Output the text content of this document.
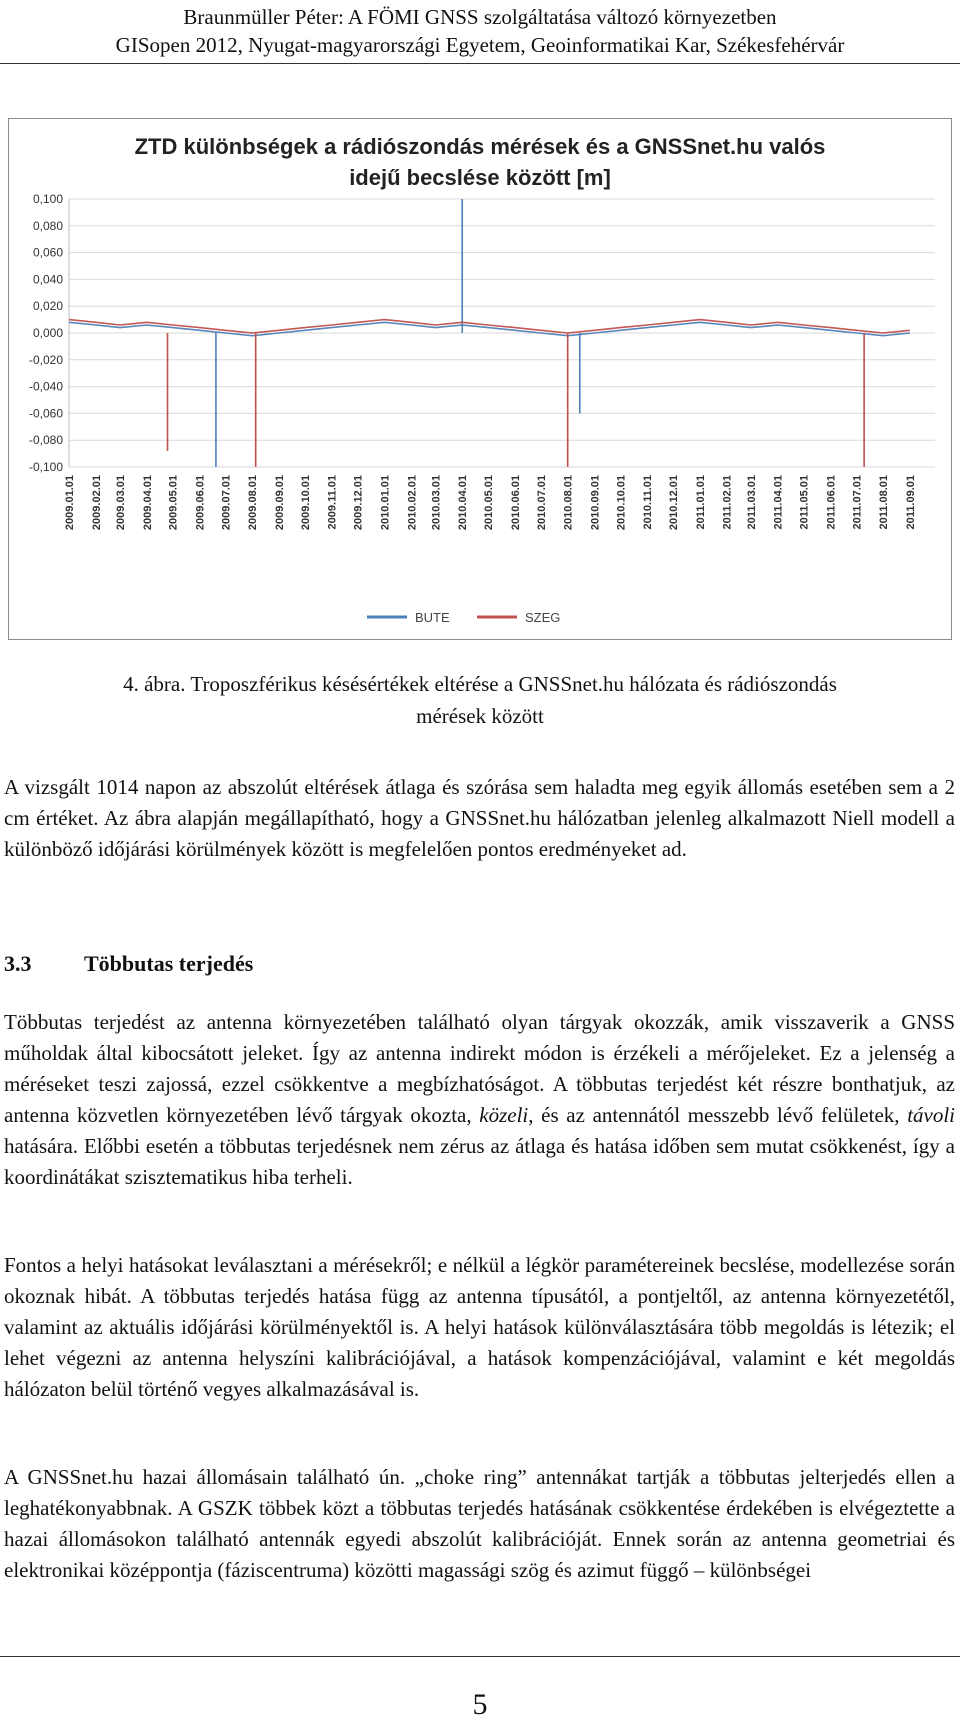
Braunmüller Péter: A FÖMI GNSS szolgáltatása változó környezetben
GISopen 2012, Nyugat-magyarországi Egyetem, Geoinformatikai Kar, Székesfehérvár
ZTD különbségek a rádiószondás mérések és a GNSSnet.hu valós
idejű becslése között [m]
0,100
0,080
0,060
0,040
0,020
0,000
-0,020
-0,040
-0,060
-0,080
-0,100
2009.01.01 2009.02.01 2009.03.01 2009.04.01 2009.05.01 2009.06.01 2009.07.01 2009.08.01 2009.09.01 2009.10.01 2009.11.01 2009.12.01 2010.01.01 2010.02.01 2010.03.01 2010.04.01 2010.05.01 2010.06.01 2010.07.01 2010.08.01 2010.09.01 2010.10.01 2010.11.01 2010.12.01 2011.01.01 2011.02.01 2011.03.01 2011.04.01 2011.05.01 2011.06.01 2011.07.01 2011.08.01 2011.09.01
BUTE	SZEG
4. ábra. Troposzférikus késésértékek eltérése a GNSSnet.hu hálózata és rádiószondás
mérések között

A vizsgált 1014 napon az abszolút eltérések átlaga és szórása sem haladta meg egyik állomás esetében sem a 2 cm értéket. Az ábra alapján megállapítható, hogy a GNSSnet.hu hálózatban jelenleg alkalmazott Niell modell a különböző időjárási körülmények között is megfelelően pontos eredményeket ad.

3.3 Többutas terjedés

Többutas terjedést az antenna környezetében található olyan tárgyak okozzák, amik visszaverik a GNSS műholdak által kibocsátott jeleket. Így az antenna indirekt módon is érzékeli a mérőjeleket. Ez a jelenség a méréseket teszi zajossá, ezzel csökkentve a megbízhatóságot. A többutas terjedést két részre bonthatjuk, az antenna közvetlen környezetében lévő tárgyak okozta, közeli, és az antennától messzebb lévő felületek, távoli hatására. Előbbi esetén a többutas terjedésnek nem zérus az átlaga és hatása időben sem mutat csökkenést, így a koordinátákat szisztematikus hiba terheli.

Fontos a helyi hatásokat leválasztani a mérésekről; e nélkül a légkör paramétereinek becslése, modellezése során okoznak hibát. A többutas terjedés hatása függ az antenna típusától, a pontjeltől, az antenna környezetétől, valamint az aktuális időjárási körülményektől is. A helyi hatások különválasztására több megoldás is létezik; el lehet végezni az antenna helyszíni kalibrációjával, a hatások kompenzációjával, valamint e két megoldás hálózaton belül történő vegyes alkalmazásával is.

A GNSSnet.hu hazai állomásain található ún. „choke ring” antennákat tartják a többutas jelterjedés ellen a leghatékonyabbnak. A GSZK többek közt a többutas terjedés hatásának csökkentése érdekében is elvégeztette a hazai állomásokon található antennák egyedi abszolút kalibrációját. Ennek során az antenna geometriai és elektronikai középpontja (fáziscentruma) közötti magassági szög és azimut függő – különbségei

5
